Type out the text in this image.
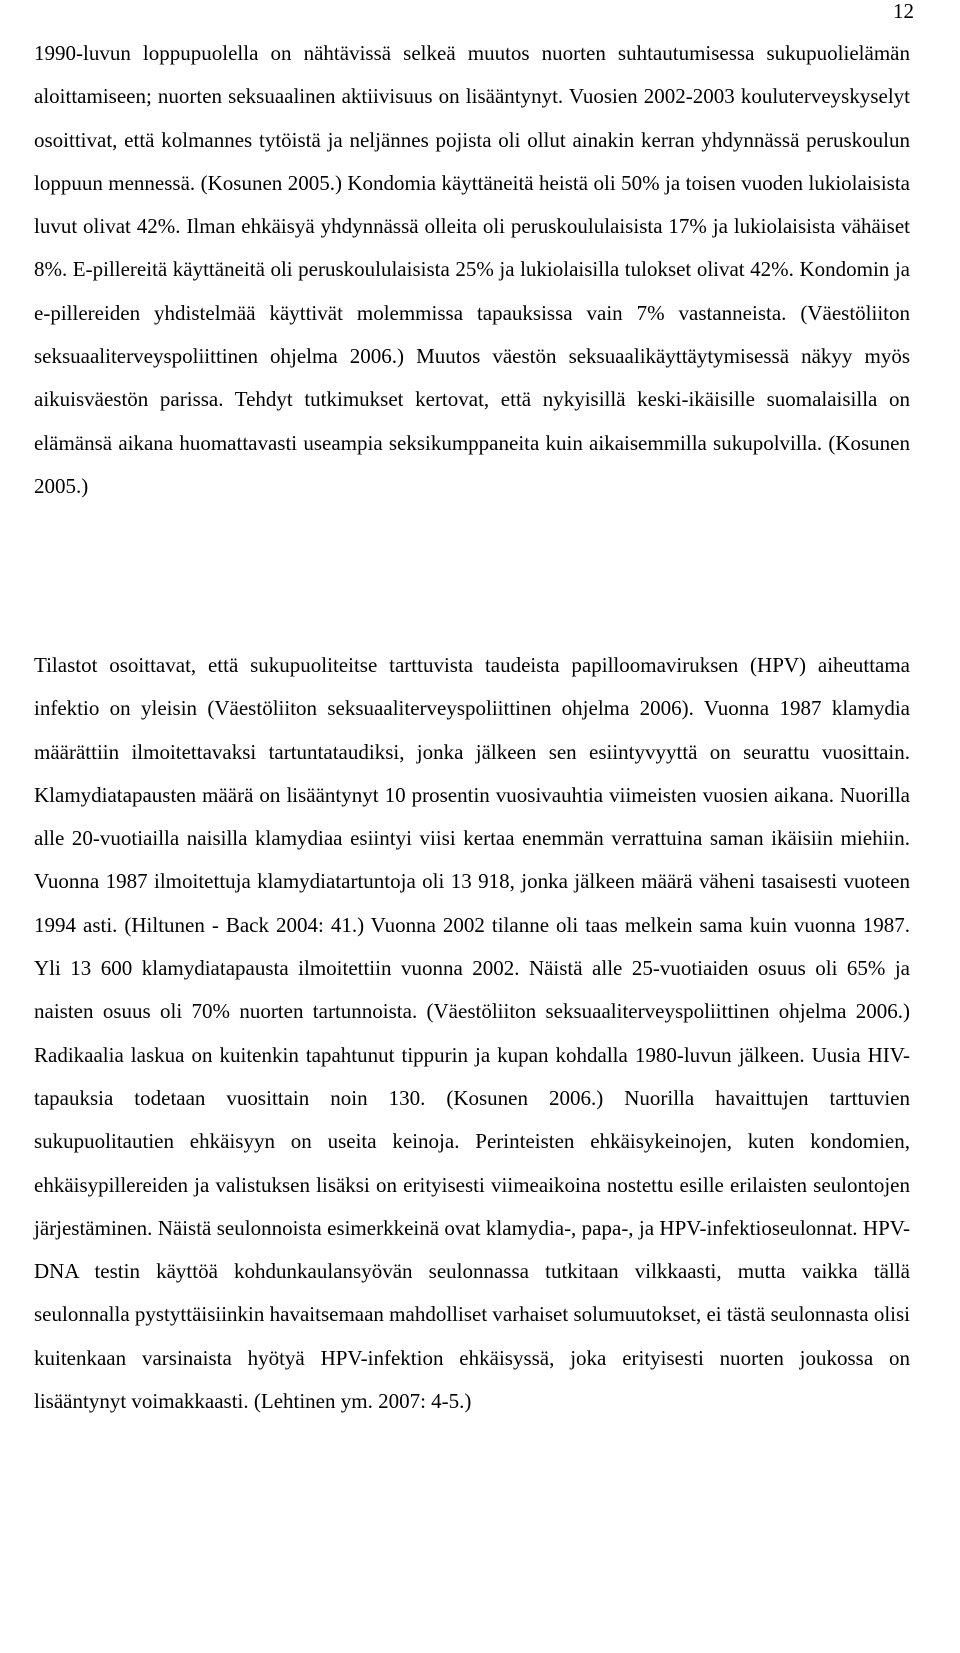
12

1990-luvun loppupuolella on nähtävissä selkeä muutos nuorten suhtautumisessa sukupuolielämän aloittamiseen; nuorten seksuaalinen aktiivisuus on lisääntynyt. Vuosien 2002-2003 kouluterveyskyselyt osoittivat, että kolmannes tytöistä ja neljännes pojista oli ollut ainakin kerran yhdynnässä peruskoulun loppuun mennessä. (Kosunen 2005.) Kondomia käyttäneitä heistä oli 50% ja toisen vuoden lukiolaisista luvut olivat 42%. Ilman ehkäisyä yhdynnässä olleita oli peruskoululaisista 17% ja lukiolaisista vähäiset 8%. E-pillereitä käyttäneitä oli peruskoululaisista 25% ja lukiolaisilla tulokset olivat 42%. Kondomin ja e-pillereiden yhdistelmää käyttivät molemmissa tapauksissa vain 7% vastanneista. (Väestöliiton seksuaaliterveyspoliittinen ohjelma 2006.) Muutos väestön seksuaalikäyttäytymisessä näkyy myös aikuisväestön parissa. Tehdyt tutkimukset kertovat, että nykyisillä keski-ikäisille suomalaisilla on elämänsä aikana huomattavasti useampia seksikumppaneita kuin aikaisemmilla sukupolvilla. (Kosunen 2005.)

Tilastot osoittavat, että sukupuoliteitse tarttuvista taudeista papilloomaviruksen (HPV) aiheuttama infektio on yleisin (Väestöliiton seksuaaliterveyspoliittinen ohjelma 2006). Vuonna 1987 klamydia määrättiin ilmoitettavaksi tartuntataudiksi, jonka jälkeen sen esiintyvyyttä on seurattu vuosittain. Klamydiatapausten määrä on lisääntynyt 10 prosentin vuosivauhtia viimeisten vuosien aikana. Nuorilla alle 20-vuotiailla naisilla klamydiaa esiintyi viisi kertaa enemmän verrattuina saman ikäisiin miehiin. Vuonna 1987 ilmoitettuja klamydiatartuntoja oli 13 918, jonka jälkeen määrä väheni tasaisesti vuoteen 1994 asti. (Hiltunen - Back 2004: 41.) Vuonna 2002 tilanne oli taas melkein sama kuin vuonna 1987. Yli 13 600 klamydiatapausta ilmoitettiin vuonna 2002. Näistä alle 25-vuotiaiden osuus oli 65% ja naisten osuus oli 70% nuorten tartunnoista. (Väestöliiton seksuaaliterveyspoliittinen ohjelma 2006.) Radikaalia laskua on kuitenkin tapahtunut tippurin ja kupan kohdalla 1980-luvun jälkeen. Uusia HIV- tapauksia todetaan vuosittain noin 130. (Kosunen 2006.) Nuorilla havaittujen tarttuvien sukupuolitautien ehkäisyyn on useita keinoja. Perinteisten ehkäisykeinojen, kuten kondomien, ehkäisypillereiden ja valistuksen lisäksi on erityisesti viimeaikoina nostettu esille erilaisten seulontojen järjestäminen. Näistä seulonnoista esimerkkeinä ovat klamydia-, papa-, ja HPV-infektioseulonnat. HPV-DNA testin käyttöä kohdunkaulansyövän seulonnassa tutkitaan vilkkaasti, mutta vaikka tällä seulonnalla pystyttäisiinkin havaitsemaan mahdolliset varhaiset solumuutokset, ei tästä seulonnasta olisi kuitenkaan varsinaista hyötyä HPV-infektion ehkäisyssä, joka erityisesti nuorten joukossa on lisääntynyt voimakkaasti. (Lehtinen ym. 2007: 4-5.)
